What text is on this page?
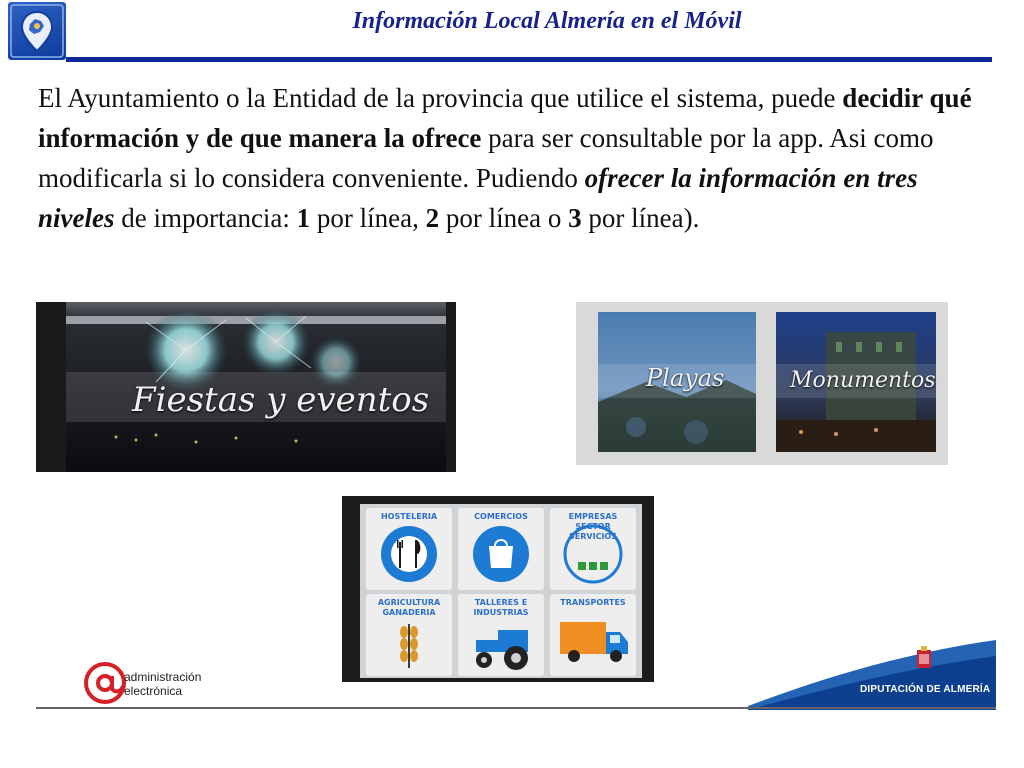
Información Local Almería en el Móvil
El Ayuntamiento o la Entidad de la provincia que utilice el sistema, puede decidir qué información y de que manera la ofrece para ser consultable por la app. Asi como modificarla si lo considera conveniente. Pudiendo ofrecer la información en tres niveles de importancia: 1 por línea, 2 por línea o 3 por línea).
Fiestas y eventos
Playas	Monumentos
HOSTELERIA	COMERCIOS	EMPRESAS SECTOR SERVICIOS
AGRICULTURA GANADERIA
TALLERES E INDUSTRIAS
TRANSPORTES
administración
electrónica	DIPUTACIÓN DE ALMERÍA
